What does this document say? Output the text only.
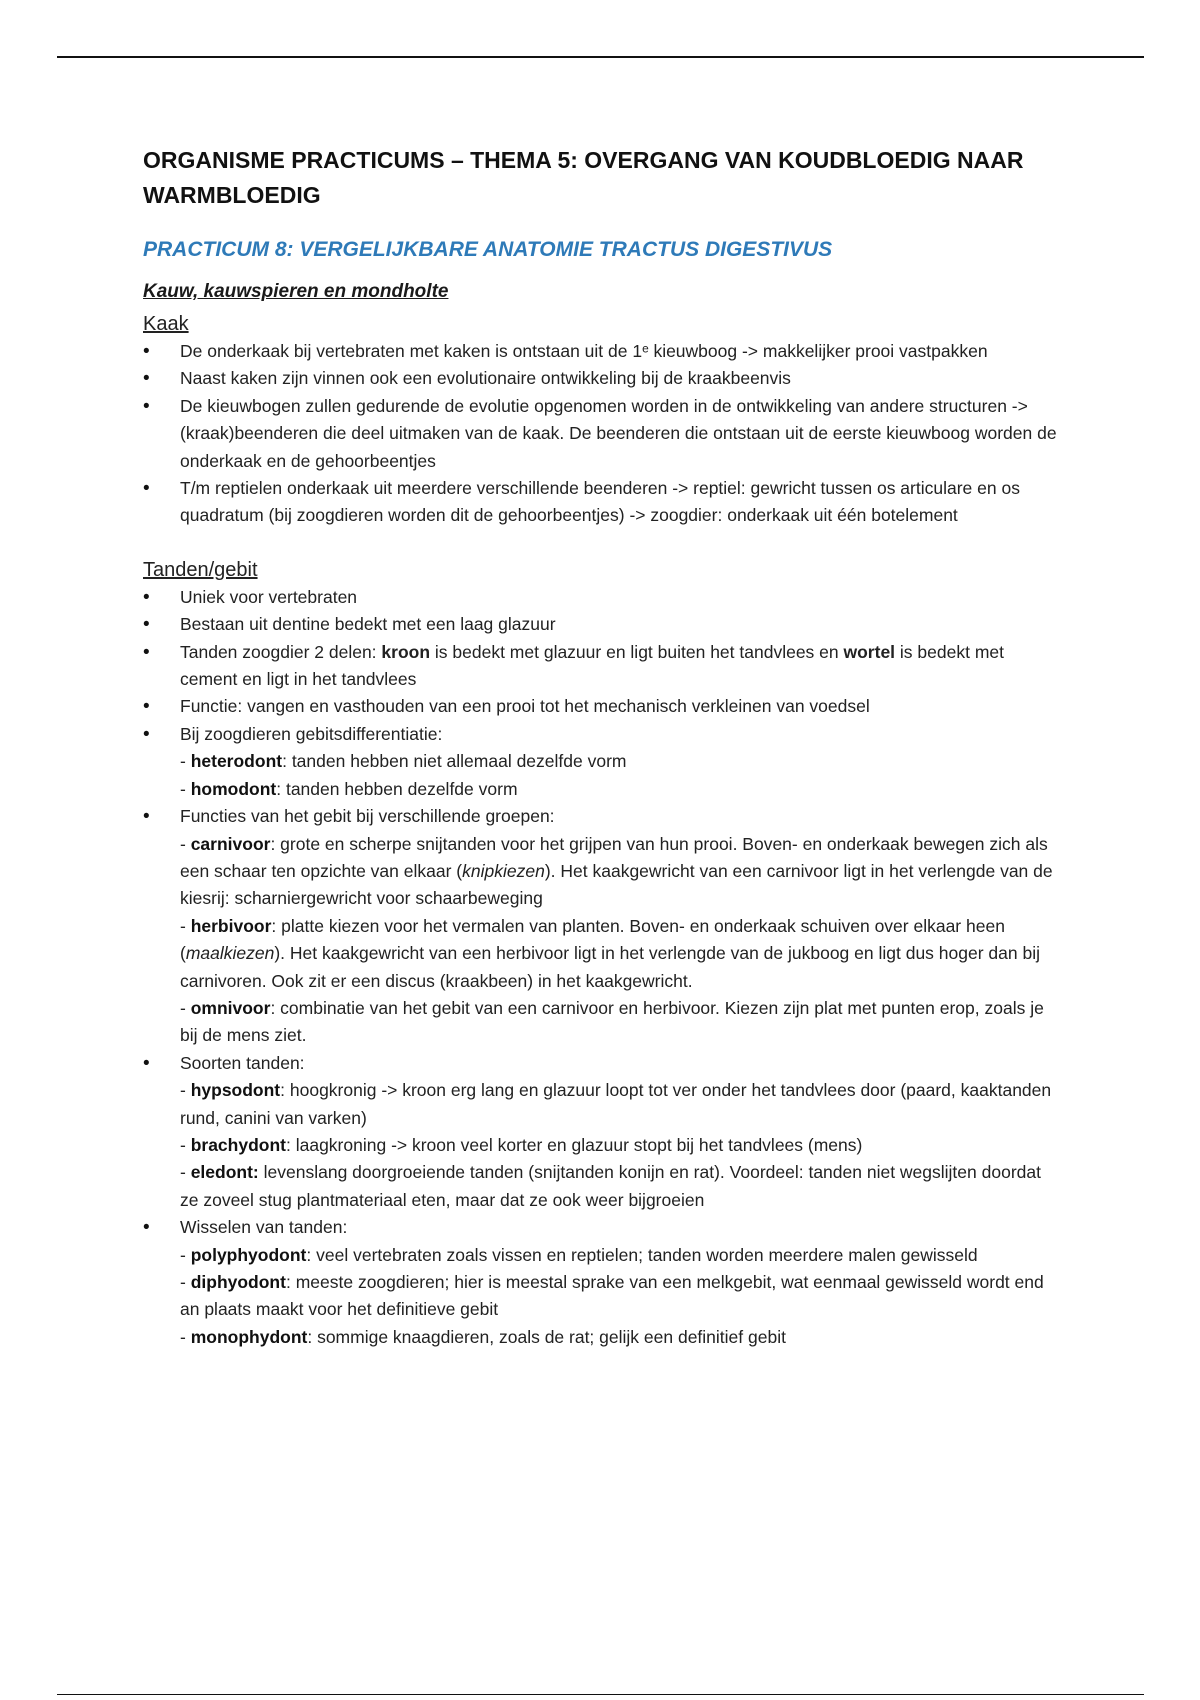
ORGANISME PRACTICUMS – THEMA 5: OVERGANG VAN KOUDBLOEDIG NAAR
WARMBLOEDIG
PRACTICUM 8: VERGELIJKBARE ANATOMIE TRACTUS DIGESTIVUS
Kauw, kauwspieren en mondholte
Kaak
• De onderkaak bij vertebraten met kaken is ontstaan uit de 1ᵉ kieuwboog -> makkelijker prooi vastpakken
• Naast kaken zijn vinnen ook een evolutionaire ontwikkeling bij de kraakbeenvis
• De kieuwbogen zullen gedurende de evolutie opgenomen worden in de ontwikkeling van andere structuren -> (kraak)beenderen die deel uitmaken van de kaak. De beenderen die ontstaan uit de eerste kieuwboog worden de onderkaak en de gehoorbeentjes
• T/m reptielen onderkaak uit meerdere verschillende beenderen -> reptiel: gewricht tussen os articulare en os quadratum (bij zoogdieren worden dit de gehoorbeentjes) -> zoogdier: onderkaak uit één botelement
Tanden/gebit
• Uniek voor vertebraten
• Bestaan uit dentine bedekt met een laag glazuur
• Tanden zoogdier 2 delen: kroon is bedekt met glazuur en ligt buiten het tandvlees en wortel is bedekt met cement en ligt in het tandvlees
• Functie: vangen en vasthouden van een prooi tot het mechanisch verkleinen van voedsel
• Bij zoogdieren gebitsdifferentiatie:
- heterodont: tanden hebben niet allemaal dezelfde vorm
- homodont: tanden hebben dezelfde vorm
• Functies van het gebit bij verschillende groepen:
- carnivoor: grote en scherpe snijtanden voor het grijpen van hun prooi. Boven- en onderkaak bewegen zich als een schaar ten opzichte van elkaar (knipkiezen). Het kaakgewricht van een carnivoor ligt in het verlengde van de kiesrij: scharniergewricht voor schaarbeweging
- herbivoor: platte kiezen voor het vermalen van planten. Boven- en onderkaak schuiven over elkaar heen (maalkiezen). Het kaakgewricht van een herbivoor ligt in het verlengde van de jukboog en ligt dus hoger dan bij carnivoren. Ook zit er een discus (kraakbeen) in het kaakgewricht.
- omnivoor: combinatie van het gebit van een carnivoor en herbivoor. Kiezen zijn plat met punten erop, zoals je bij de mens ziet.
• Soorten tanden:
- hypsodont: hoogkronig -> kroon erg lang en glazuur loopt tot ver onder het tandvlees door (paard, kaaktanden rund, canini van varken)
- brachydont: laagkroning -> kroon veel korter en glazuur stopt bij het tandvlees (mens)
- eledont: levenslang doorgroeiende tanden (snijtanden konijn en rat). Voordeel: tanden niet wegslijten doordat ze zoveel stug plantmateriaal eten, maar dat ze ook weer bijgroeien
• Wisselen van tanden:
- polyphyodont: veel vertebraten zoals vissen en reptielen; tanden worden meerdere malen gewisseld
- diphyodont: meeste zoogdieren; hier is meestal sprake van een melkgebit, wat eenmaal gewisseld wordt end an plaats maakt voor het definitieve gebit
- monophydont: sommige knaagdieren, zoals de rat; gelijk een definitief gebit
